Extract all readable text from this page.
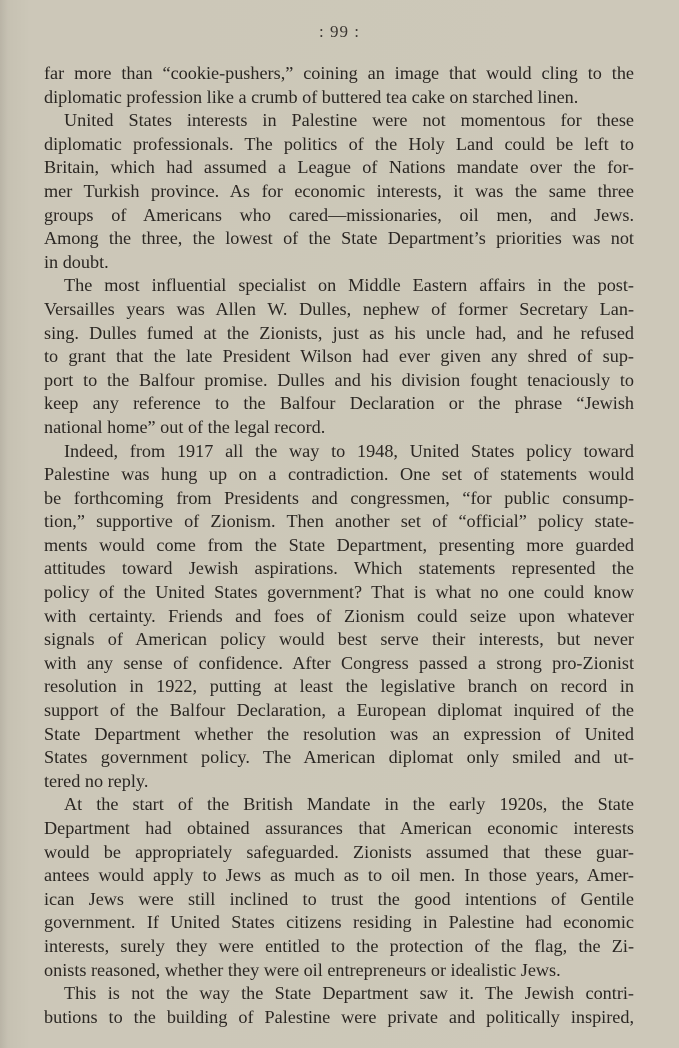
: 99 :
far more than “cookie-pushers,” coining an image that would cling to the
diplomatic profession like a crumb of buttered tea cake on starched linen.
United States interests in Palestine were not momentous for these
diplomatic professionals. The politics of the Holy Land could be left to
Britain, which had assumed a League of Nations mandate over the for-
mer Turkish province. As for economic interests, it was the same three
groups of Americans who cared—missionaries, oil men, and Jews.
Among the three, the lowest of the State Department’s priorities was not
in doubt.
The most influential specialist on Middle Eastern affairs in the post-
Versailles years was Allen W. Dulles, nephew of former Secretary Lan-
sing. Dulles fumed at the Zionists, just as his uncle had, and he refused
to grant that the late President Wilson had ever given any shred of sup-
port to the Balfour promise. Dulles and his division fought tenaciously to
keep any reference to the Balfour Declaration or the phrase “Jewish
national home” out of the legal record.
Indeed, from 1917 all the way to 1948, United States policy toward
Palestine was hung up on a contradiction. One set of statements would
be forthcoming from Presidents and congressmen, “for public consump-
tion,” supportive of Zionism. Then another set of “official” policy state-
ments would come from the State Department, presenting more guarded
attitudes toward Jewish aspirations. Which statements represented the
policy of the United States government? That is what no one could know
with certainty. Friends and foes of Zionism could seize upon whatever
signals of American policy would best serve their interests, but never
with any sense of confidence. After Congress passed a strong pro-Zionist
resolution in 1922, putting at least the legislative branch on record in
support of the Balfour Declaration, a European diplomat inquired of the
State Department whether the resolution was an expression of United
States government policy. The American diplomat only smiled and ut-
tered no reply.
At the start of the British Mandate in the early 1920s, the State
Department had obtained assurances that American economic interests
would be appropriately safeguarded. Zionists assumed that these guar-
antees would apply to Jews as much as to oil men. In those years, Amer-
ican Jews were still inclined to trust the good intentions of Gentile
government. If United States citizens residing in Palestine had economic
interests, surely they were entitled to the protection of the flag, the Zi-
onists reasoned, whether they were oil entrepreneurs or idealistic Jews.
This is not the way the State Department saw it. The Jewish contri-
butions to the building of Palestine were private and politically inspired,
